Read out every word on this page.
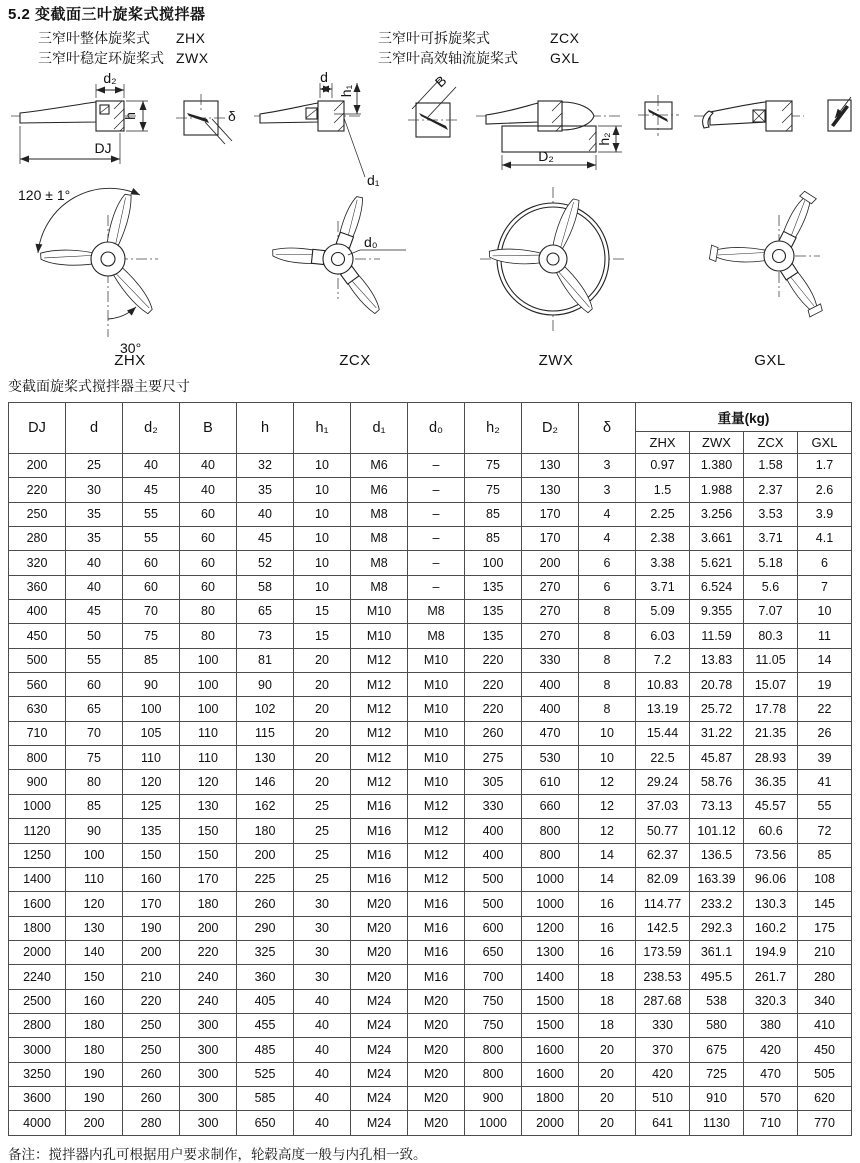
5.2 变截面三叶旋桨式搅拌器
三窄叶整体旋桨式	ZHX
三窄叶稳定环旋桨式 ZWX
三窄叶可拆旋桨式	ZCX
三窄叶高效轴流旋桨式	GXL
d₂
h
DJ
δ
d
h₁
d₁
B
D₂
h₂
120 ± 1°
30°
d₀
ZHX	ZCX	ZWX	GXL
变截面旋桨式搅拌器主要尺寸
DJ	d	d₂	B	h	h₁	d₁	d₀	h₂	D₂	δ	重量(kg)			
											ZHX	ZWX	ZCX	GXL
200	25	40	40	32	10	M6	–	75	130	3	0.97	1.380	1.58	1.7
220	30	45	40	35	10	M6	–	75	130	3	1.5	1.988	2.37	2.6
250	35	55	60	40	10	M8	–	85	170	4	2.25	3.256	3.53	3.9
280	35	55	60	45	10	M8	–	85	170	4	2.38	3.661	3.71	4.1
320	40	60	60	52	10	M8	–	100	200	6	3.38	5.621	5.18	6
360	40	60	60	58	10	M8	–	135	270	6	3.71	6.524	5.6	7
400	45	70	80	65	15	M10	M8	135	270	8	5.09	9.355	7.07	10
450	50	75	80	73	15	M10	M8	135	270	8	6.03	11.59	80.3	11
500	55	85	100	81	20	M12	M10	220	330	8	7.2	13.83	11.05	14
560	60	90	100	90	20	M12	M10	220	400	8	10.83	20.78	15.07	19
630	65	100	100	102	20	M12	M10	220	400	8	13.19	25.72	17.78	22
710	70	105	110	115	20	M12	M10	260	470	10	15.44	31.22	21.35	26
800	75	110	110	130	20	M12	M10	275	530	10	22.5	45.87	28.93	39
900	80	120	120	146	20	M12	M10	305	610	12	29.24	58.76	36.35	41
1000	85	125	130	162	25	M16	M12	330	660	12	37.03	73.13	45.57	55
1120	90	135	150	180	25	M16	M12	400	800	12	50.77	101.12	60.6	72
1250	100	150	150	200	25	M16	M12	400	800	14	62.37	136.5	73.56	85
1400	110	160	170	225	25	M16	M12	500	1000	14	82.09	163.39	96.06	108
1600	120	170	180	260	30	M20	M16	500	1000	16	114.77	233.2	130.3	145
1800	130	190	200	290	30	M20	M16	600	1200	16	142.5	292.3	160.2	175
2000	140	200	220	325	30	M20	M16	650	1300	16	173.59	361.1	194.9	210
2240	150	210	240	360	30	M20	M16	700	1400	18	238.53	495.5	261.7	280
2500	160	220	240	405	40	M24	M20	750	1500	18	287.68	538	320.3	340
2800	180	250	300	455	40	M24	M20	750	1500	18	330	580	380	410
3000	180	250	300	485	40	M24	M20	800	1600	20	370	675	420	450
3250	190	260	300	525	40	M24	M20	800	1600	20	420	725	470	505
3600	190	260	300	585	40	M24	M20	900	1800	20	510	910	570	620
4000	200	280	300	650	40	M24	M20	1000	2000	20	641	1130	710	770
备注：搅拌器内孔可根据用户要求制作，轮毂高度一般与内孔相一致。
